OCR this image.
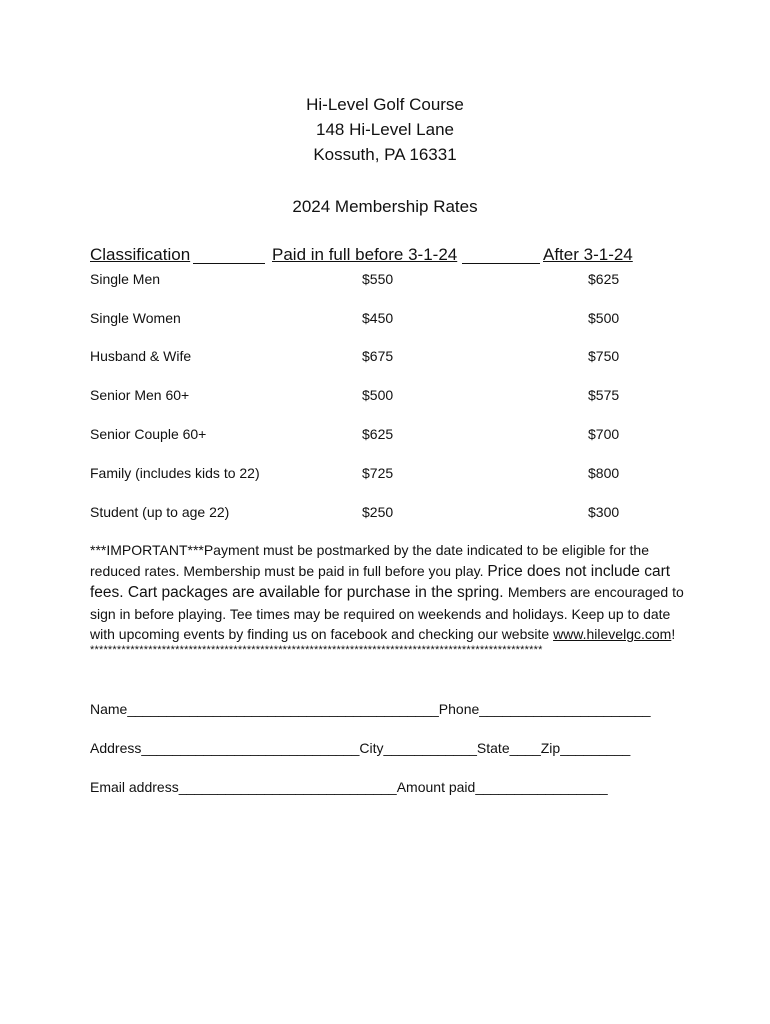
Hi-Level Golf Course
148 Hi-Level Lane
Kossuth, PA 16331
2024 Membership Rates
Classification	Paid in full before 3-1-24	After 3-1-24
Single Men	$550	$625
Single Women	$450	$500
Husband & Wife	$675	$750
Senior Men 60+	$500	$575
Senior Couple 60+	$625	$700
Family (includes kids to 22)	$725	$800
Student (up to age 22)	$250	$300
***IMPORTANT***Payment must be postmarked by the date indicated to be eligible for the reduced rates. Membership must be paid in full before you play. Price does not include cart fees. Cart packages are available for purchase in the spring. Members are encouraged to sign in before playing. Tee times may be required on weekends and holidays. Keep up to date with upcoming events by finding us on facebook and checking our website www.hilevelgc.com!
*****************************************************************************************************
Name________________________________________Phone______________________
Address____________________________City____________State____Zip_________
Email address____________________________Amount paid_________________
